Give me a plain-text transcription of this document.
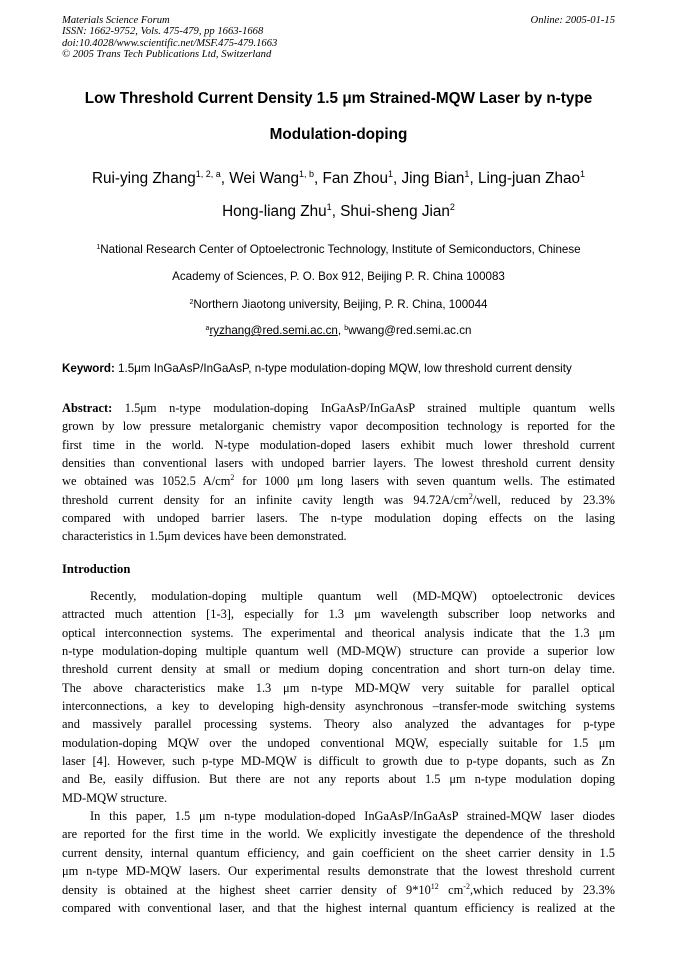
Materials Science Forum
ISSN: 1662-9752, Vols. 475-479, pp 1663-1668
doi:10.4028/www.scientific.net/MSF.475-479.1663
© 2005 Trans Tech Publications Ltd, Switzerland
Online: 2005-01-15
Low Threshold Current Density 1.5 μm Strained-MQW Laser by n-type
Modulation-doping
Rui-ying Zhang$^{1, 2, a}$, Wei Wang$^{1, b}$, Fan Zhou$^1$, Jing Bian$^1$, Ling-juan Zhao$^1$
Hong-liang Zhu$^1$, Shui-sheng Jian$^2$
$^1$National Research Center of Optoelectronic Technology, Institute of Semiconductors, Chinese
Academy of Sciences, P. O. Box 912, Beijing P. R. China 100083
$^2$Northern Jiaotong university, Beijing, P. R. China, 100044
$^a$ryzhang@red.semi.ac.cn, $^b$wwang@red.semi.ac.cn
Keyword: 1.5μm InGaAsP/InGaAsP, n-type modulation-doping MQW, low threshold current density
Abstract: 1.5μm n-type modulation-doping InGaAsP/InGaAsP strained multiple quantum wells
grown by low pressure metalorganic chemistry vapor decomposition technology is reported for the
first time in the world. N-type modulation-doped lasers exhibit much lower threshold current
densities than conventional lasers with undoped barrier layers. The lowest threshold current density
we obtained was 1052.5 $A/cm^2$ for 1000 μm long lasers with seven quantum wells. The estimated
threshold current density for an infinite cavity length was $94.72A/cm^2$/well, reduced by 23.3%
compared with undoped barrier lasers. The n-type modulation doping effects on the lasing
characteristics in 1.5μm devices have been demonstrated.
Introduction
Recently, modulation-doping multiple quantum well (MD-MQW) optoelectronic devices
attracted much attention [1-3], especially for 1.3 μm wavelength subscriber loop networks and
optical interconnection systems. The experimental and theorical analysis indicate that the 1.3 μm
n-type modulation-doping multiple quantum well (MD-MQW) structure can provide a superior low
threshold current density at small or medium doping concentration and short turn-on delay time.
The above characteristics make 1.3 μm n-type MD-MQW very suitable for parallel optical
interconnections, a key to developing high-density asynchronous –transfer-mode switching systems
and massively parallel processing systems. Theory also analyzed the advantages for p-type
modulation-doping MQW over the undoped conventional MQW, especially suitable for 1.5 μm
laser [4]. However, such p-type MD-MQW is difficult to growth due to p-type dopants, such as Zn
and Be, easily diffusion. But there are not any reports about 1.5 μm n-type modulation doping
MD-MQW structure.
In this paper, 1.5 μm n-type modulation-doped InGaAsP/InGaAsP strained-MQW laser diodes
are reported for the first time in the world. We explicitly investigate the dependence of the threshold
current density, internal quantum efficiency, and gain coefficient on the sheet carrier density in 1.5
μm n-type MD-MQW lasers. Our experimental results demonstrate that the lowest threshold current
density is obtained at the highest sheet carrier density of $9*10^{12}$ $cm^{-2},which$ reduced by 23.3%
compared with conventional laser, and that the highest internal quantum efficiency is realized at the
